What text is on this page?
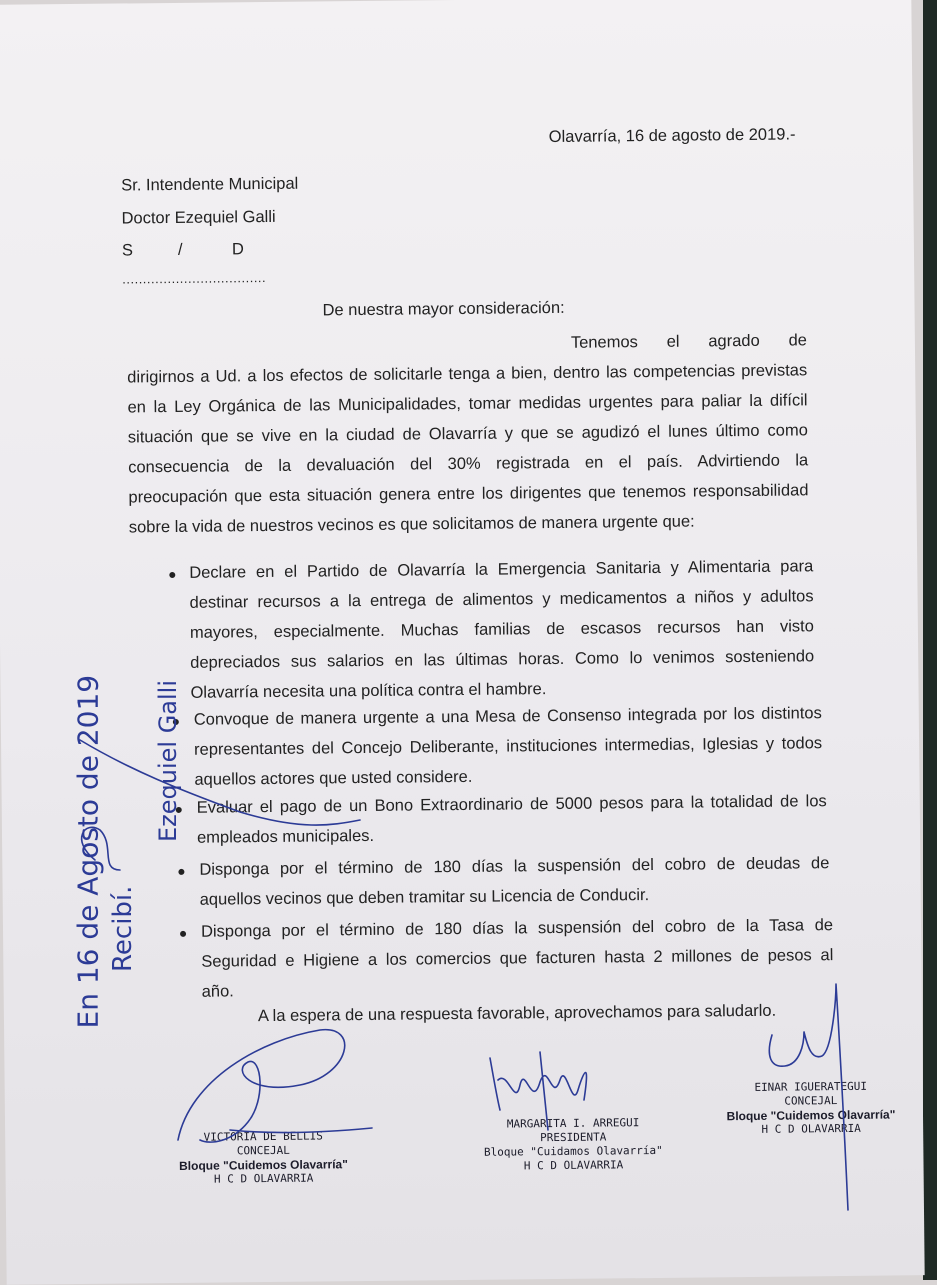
Olavarría, 16 de agosto de 2019.-
Sr. Intendente Municipal
Doctor Ezequiel Galli
S	/	D
...................................
De nuestra mayor consideración:
Tenemos el agrado de
dirigirnos a Ud. a los efectos de solicitarle tenga a bien, dentro las competencias previstas
en la Ley Orgánica de las Municipalidades, tomar medidas urgentes para paliar la difícil
situación que se vive en la ciudad de Olavarría y que se agudizó el lunes último como
consecuencia de la devaluación del 30% registrada en el país. Advirtiendo la
preocupación que esta situación genera entre los dirigentes que tenemos responsabilidad
sobre la vida de nuestros vecinos es que solicitamos de manera urgente que:
Declare en el Partido de Olavarría la Emergencia Sanitaria y Alimentaria para
destinar recursos a la entrega de alimentos y medicamentos a niños y adultos
mayores, especialmente. Muchas familias de escasos recursos han visto
depreciados sus salarios en las últimas horas. Como lo venimos sosteniendo
Olavarría necesita una política contra el hambre.
Convoque de manera urgente a una Mesa de Consenso integrada por los distintos
representantes del Concejo Deliberante, instituciones intermedias, Iglesias y todos
aquellos actores que usted considere.
Evaluar el pago de un Bono Extraordinario de 5000 pesos para la totalidad de los
empleados municipales.
Disponga por el término de 180 días la suspensión del cobro de deudas de
aquellos vecinos que deben tramitar su Licencia de Conducir.
Disponga por el término de 180 días la suspensión del cobro de la Tasa de
Seguridad e Higiene a los comercios que facturen hasta 2 millones de pesos al
año.
A la espera de una respuesta favorable, aprovechamos para saludarlo.
VICTORIA DE BELLIS
CONCEJAL
Bloque "Cuidemos Olavarría"
H C D OLAVARRIA
MARGARITA I. ARREGUI
PRESIDENTA
Bloque "Cuidamos Olavarría"
H C D OLAVARRIA
EINAR IGUERATEGUI
CONCEJAL
Bloque "Cuidemos Olavarría"
H C D OLAVARRIA
En 16 de Agosto de 2019 Recibí.
Ezequiel Galli
